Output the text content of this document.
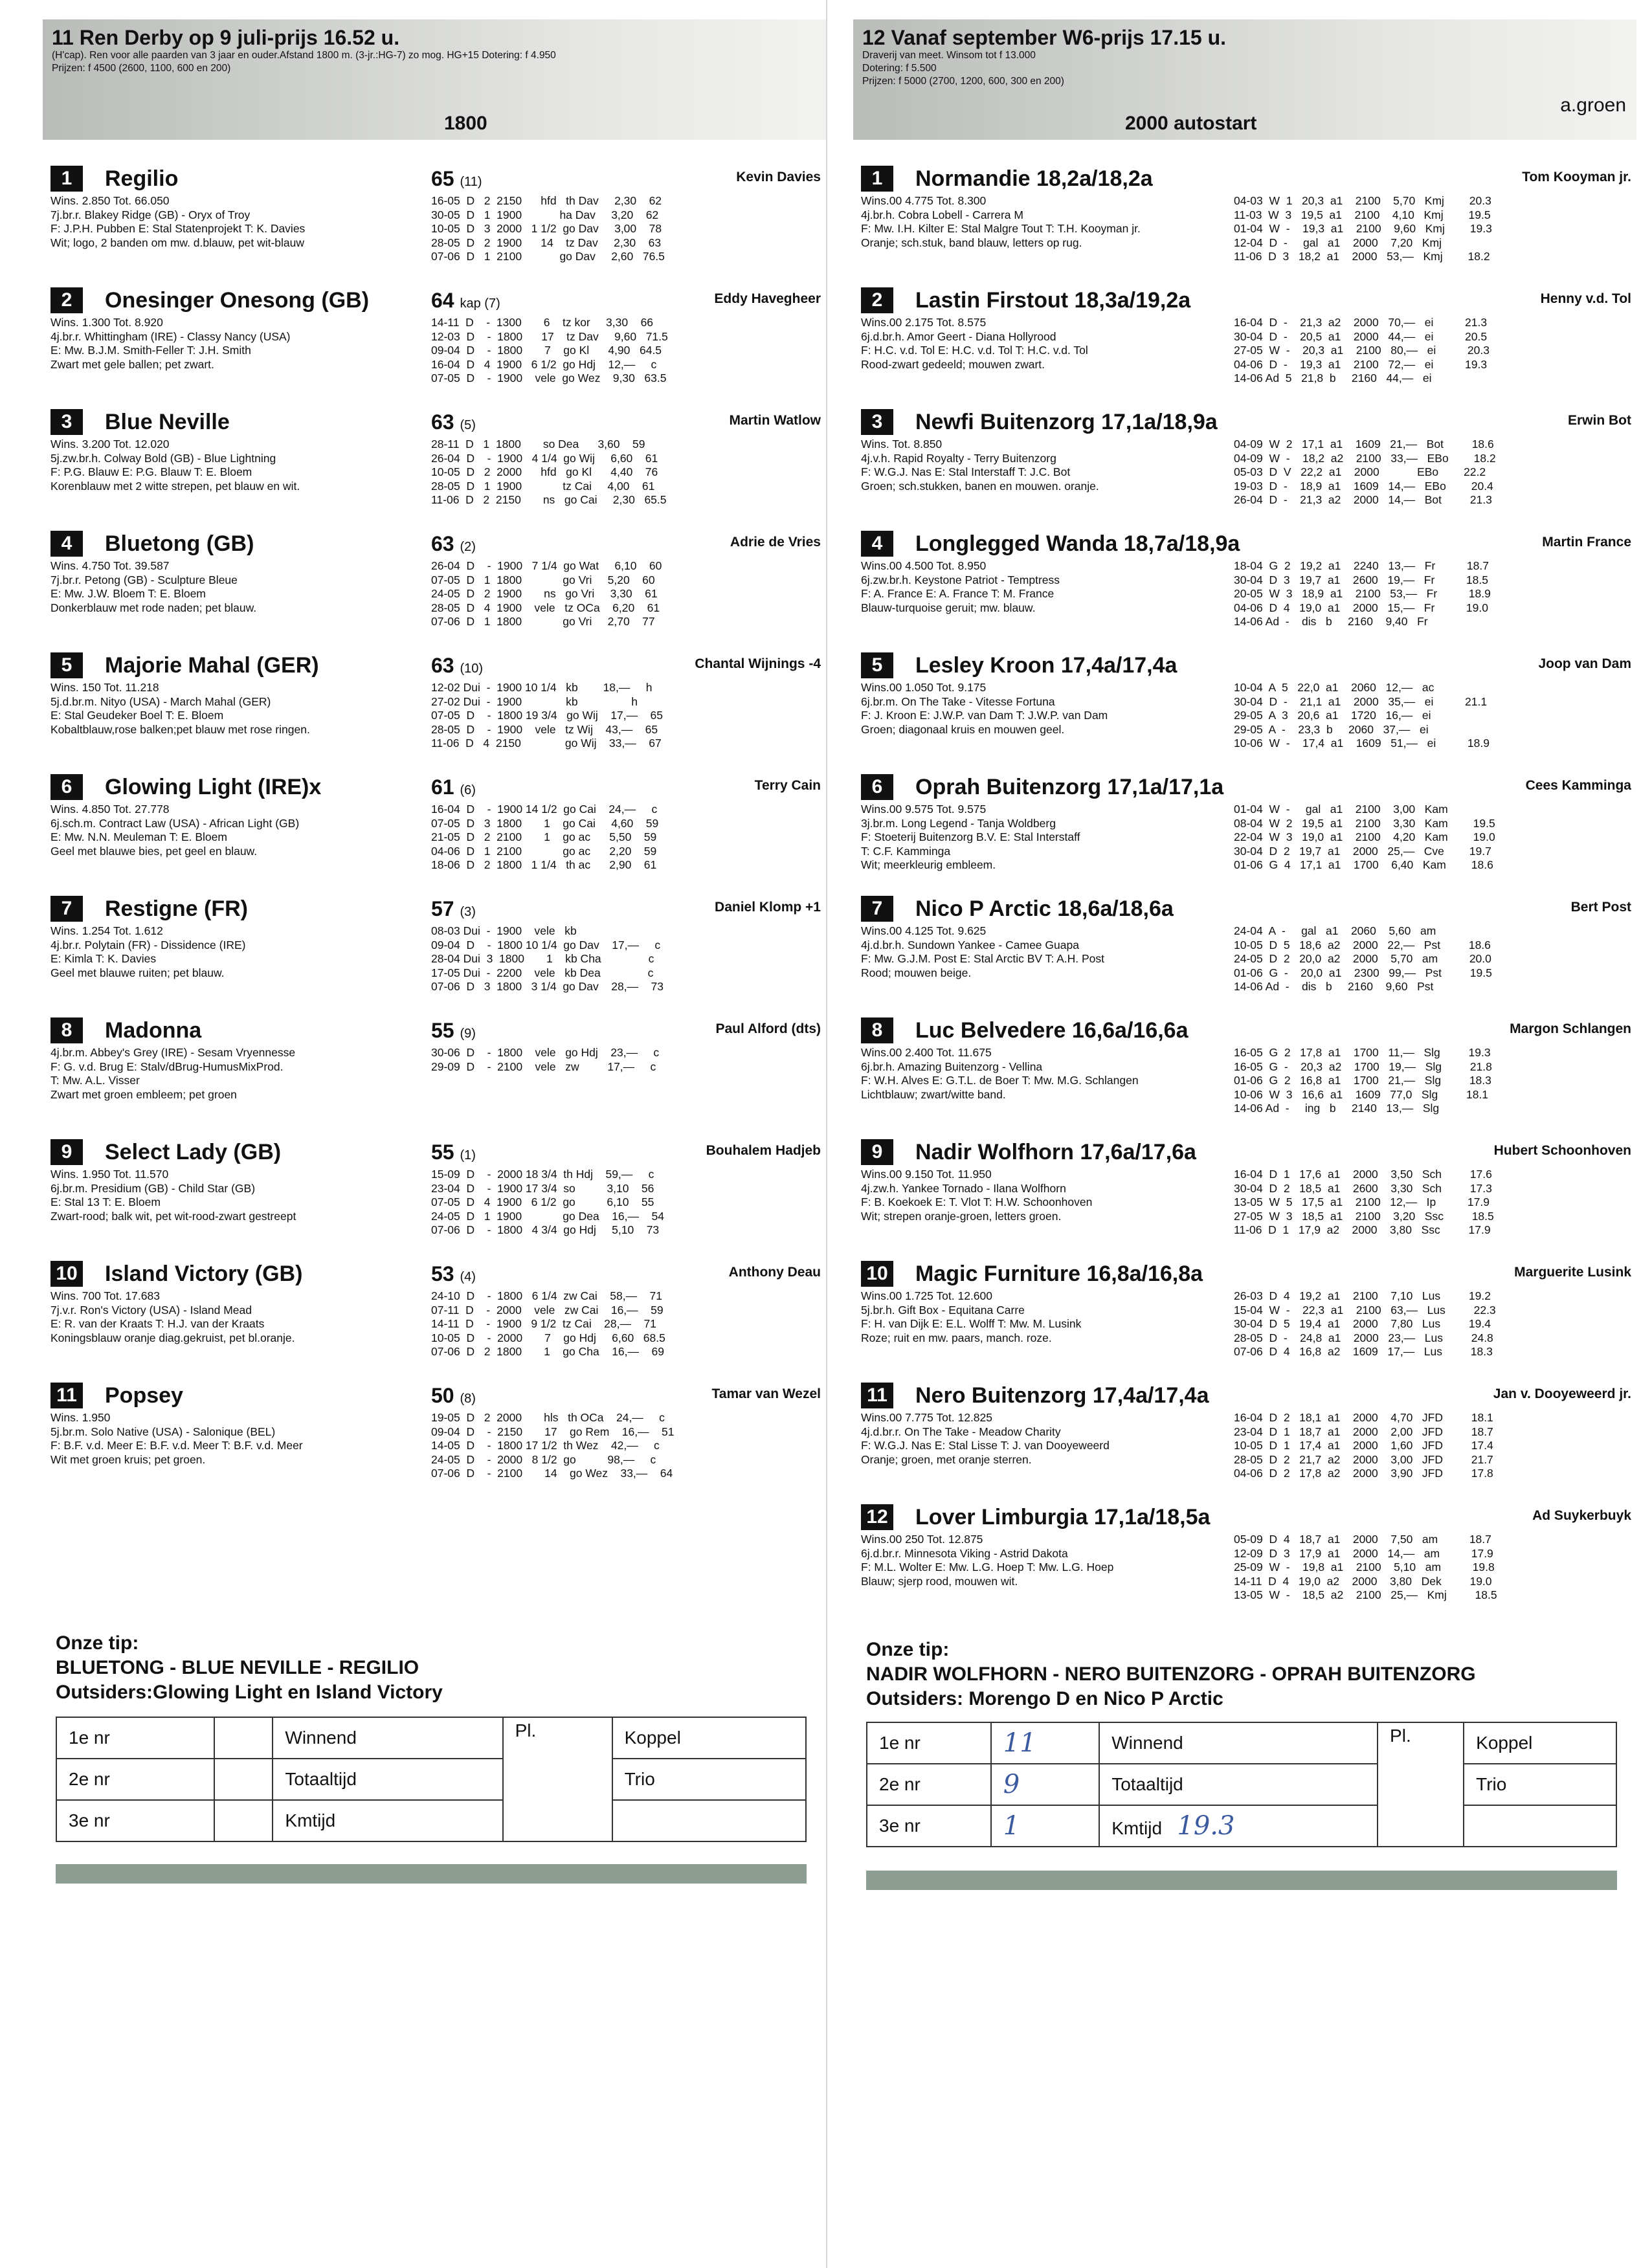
11 Ren Derby op 9 juli-prijs 16.52 u.
(H'cap). Ren voor alle paarden van 3 jaar en ouder.Afstand 1800 m. (3-jr.:HG-7) zo mog. HG+15 Dotering: f 4.950
Prijzen: f 4500 (2600, 1100, 600 en 200)
1800
1	Regilio	65 (11)	Kevin Davies
Wins. 2.850 Tot. 66.050
7j.br.r. Blakey Ridge (GB) - Oryx of Troy
F: J.P.H. Pubben E: Stal Statenprojekt T: K. Davies
Wit; logo, 2 banden om mw. d.blauw, pet wit-blauw
16-05  D   2  2150      hfd   th Dav     2,30    62
30-05  D   1  1900            ha Dav     3,20    62
10-05  D   3  2000   1 1/2  go Dav     3,00    78
28-05  D   2  1900      14    tz Dav     2,30    63
07-06  D   1  2100            go Dav     2,60   76.5
2	Onesinger Onesong (GB)	64 kap (7)	Eddy Havegheer
Wins. 1.300 Tot. 8.920
4j.br.r. Whittingham (IRE) - Classy Nancy (USA)
E: Mw. B.J.M. Smith-Feller T: J.H. Smith
Zwart met gele ballen; pet zwart.
14-11  D    -  1300       6    tz kor     3,30    66
12-03  D    -  1800      17    tz Dav     9,60   71.5
09-04  D    -  1800       7    go Kl      4,90   64.5
16-04  D   4  1900   6 1/2  go Hdj    12,—     c
07-05  D    -  1900    vele  go Wez    9,30   63.5
3	Blue Neville	63 (5)	Martin Watlow
Wins. 3.200 Tot. 12.020
5j.zw.br.h. Colway Bold (GB) - Blue Lightning
F: P.G. Blauw E: P.G. Blauw T: E. Bloem
Korenblauw met 2 witte strepen, pet blauw en wit.
28-11  D   1  1800       so Dea      3,60    59
26-04  D    -  1900   4 1/4  go Wij     6,60    61
10-05  D   2  2000      hfd   go Kl      4,40    76
28-05  D   1  1900             tz Cai     4,00    61
11-06  D   2  2150       ns   go Cai     2,30   65.5
4	Bluetong (GB)	63 (2)	Adrie de Vries
Wins. 4.750 Tot. 39.587
7j.br.r. Petong (GB) - Sculpture Bleue
E: Mw. J.W. Bloem T: E. Bloem
Donkerblauw met rode naden; pet blauw.
26-04  D    -  1900   7 1/4  go Wat     6,10    60
07-05  D   1  1800             go Vri     5,20    60
24-05  D   2  1900       ns   go Vri     3,30    61
28-05  D   4  1900    vele   tz OCa    6,20    61
07-06  D   1  1800             go Vri     2,70    77
5	Majorie Mahal (GER)	63 (10)	Chantal Wijnings -4
Wins. 150 Tot. 11.218
5j.d.br.m. Nityo (USA) - March Mahal (GER)
E: Stal Geudeker Boel T: E. Bloem
Kobaltblauw,rose balken;pet blauw met rose ringen.
12-02 Dui  -  1900 10 1/4   kb        18,—     h
27-02 Dui  -  1900              kb                 h
07-05  D    -  1800 19 3/4   go Wij    17,—    65
28-05  D    -  1900    vele   tz Wij    43,—    65
11-06  D   4  2150              go Wij    33,—    67
6	Glowing Light (IRE)x	61 (6)	Terry Cain
Wins. 4.850 Tot. 27.778
6j.sch.m. Contract Law (USA) - African Light (GB)
E: Mw. N.N. Meuleman T: E. Bloem
Geel met blauwe bies, pet geel en blauw.
16-04  D    -  1900 14 1/2  go Cai    24,—     c
07-05  D   3  1800       1    go Cai     4,60    59
21-05  D   2  2100       1    go ac      5,50    59
04-06  D   1  2100             go ac      2,20    59
18-06  D   2  1800   1 1/4   th ac      2,90    61
7	Restigne (FR)	57 (3)	Daniel Klomp +1
Wins. 1.254 Tot. 1.612
4j.br.r. Polytain (FR) - Dissidence (IRE)
E: Kimla T: K. Davies
Geel met blauwe ruiten; pet blauw.
08-03 Dui  -  1900    vele   kb
09-04  D    -  1800 10 1/4  go Dav    17,—     c
28-04 Dui  3  1800       1    kb Cha               c
17-05 Dui  -  2200    vele   kb Dea               c
07-06  D   3  1800   3 1/4  go Dav    28,—    73
8	Madonna	55 (9)	Paul Alford (dts)
4j.br.m. Abbey's Grey (IRE) - Sesam Vryennesse
F: G. v.d. Brug E: Stalv/dBrug-HumusMixProd.
T: Mw. A.L. Visser
Zwart met groen embleem; pet groen
30-06  D    -  1800    vele   go Hdj    23,—     c
29-09  D    -  2100    vele   zw         17,—     c
9	Select Lady (GB)	55 (1)	Bouhalem Hadjeb
Wins. 1.950 Tot. 11.570
6j.br.m. Presidium (GB) - Child Star (GB)
E: Stal 13 T: E. Bloem
Zwart-rood; balk wit, pet wit-rood-zwart gestreept
15-09  D    -  2000 18 3/4  th Hdj    59,—     c
23-04  D    -  1900 17 3/4  so          3,10    56
07-05  D   4  1900   6 1/2  go          6,10    55
24-05  D   1  1900             go Dea    16,—    54
07-06  D    -  1800   4 3/4  go Hdj     5,10    73
10 Island Victory (GB)	53 (4)	Anthony Deau
Wins. 700 Tot. 17.683
7j.v.r. Ron's Victory (USA) - Island Mead
E: R. van der Kraats T: H.J. van der Kraats
Koningsblauw oranje diag.gekruist, pet bl.oranje.
24-10  D    -  1800   6 1/4  zw Cai    58,—    71
07-11  D    -  2000    vele   zw Cai    16,—    59
14-11  D    -  1900   9 1/2  tz Cai    28,—    71
10-05  D    -  2000       7    go Hdj     6,60   68.5
07-06  D   2  1800       1    go Cha    16,—    69
11 Popsey	50 (8)	Tamar van Wezel
Wins. 1.950
5j.br.m. Solo Native (USA) - Salonique (BEL)
F: B.F. v.d. Meer E: B.F. v.d. Meer T: B.F. v.d. Meer
Wit met groen kruis; pet groen.
19-05  D   2  2000       hls   th OCa    24,—     c
09-04  D    -  2150       17    go Rem    16,—    51
14-05  D    -  1800 17 1/2  th Wez    42,—     c
24-05  D    -  2000   8 1/2  go          98,—     c
07-06  D    -  2100       14    go Wez    33,—    64
Onze tip:
BLUETONG - BLUE NEVILLE - REGILIO
Outsiders:Glowing Light en Island Victory
1e nr		Winnend	Pl.	Koppel
2e nr		Totaaltijd		Trio
3e nr		Kmtijd		
12 Vanaf september W6-prijs 17.15 u.
Draverij van meet. Winsom tot f 13.000
Dotering: f 5.500
Prijzen: f 5000 (2700, 1200, 600, 300 en 200)
2000 autostart
a.groen
1	Normandie 18,2a/18,2a	Tom Kooyman jr.
Wins.00 4.775 Tot. 8.300
4j.br.h. Cobra Lobell - Carrera M
F: Mw. I.H. Kilter E: Stal Malgre Tout T: T.H. Kooyman jr.
Oranje; sch.stuk, band blauw, letters op rug.
04-03  W  1   20,3  a1    2100    5,70   Kmj        20.3
11-03  W  3   19,5  a1    2100    4,10   Kmj        19.5
01-04  W  -    19,3  a1    2100    9,60   Kmj        19.3
12-04  D  -     gal   a1    2000    7,20   Kmj
11-06  D  3   18,2  a1    2000   53,—   Kmj        18.2
2	Lastin Firstout 18,3a/19,2a	Henny v.d. Tol
Wins.00 2.175 Tot. 8.575
6j.d.br.h. Amor Geert - Diana Hollyrood
F: H.C. v.d. Tol E: H.C. v.d. Tol T: H.C. v.d. Tol
Rood-zwart gedeeld; mouwen zwart.
16-04  D  -    21,3  a2    2000   70,—   ei          21.3
30-04  D  -    20,5  a1    2000   44,—   ei          20.5
27-05  W  -    20,3  a1    2100   80,—   ei          20.3
04-06  D  -    19,3  a1    2100   72,—   ei          19.3
14-06 Ad  5   21,8  b     2160   44,—   ei
3	Newfi Buitenzorg 17,1a/18,9a	Erwin Bot
Wins. Tot. 8.850
4j.v.h. Rapid Royalty - Terry Buitenzorg
F: W.G.J. Nas E: Stal Interstaff T: J.C. Bot
Groen; sch.stukken, banen en mouwen. oranje.
04-09  W  2   17,1  a1    1609   21,—   Bot         18.6
04-09  W  -    18,2  a2    2100   33,—   EBo        18.2
05-03  D  V   22,2  a1    2000            EBo        22.2
19-03  D  -    18,9  a1    1609   14,—   EBo        20.4
26-04  D  -    21,3  a2    2000   14,—   Bot         21.3
4	Longlegged Wanda 18,7a/18,9a	Martin France
Wins.00 4.500 Tot. 8.950
6j.zw.br.h. Keystone Patriot - Temptress
F: A. France E: A. France T: M. France
Blauw-turquoise geruit; mw. blauw.
18-04  G  2   19,2  a1    2240   13,—   Fr          18.7
30-04  D  3   19,7  a1    2600   19,—   Fr          18.5
20-05  W  3   18,9  a1    2100   53,—   Fr          18.9
04-06  D  4   19,0  a1    2000   15,—   Fr          19.0
14-06 Ad  -    dis   b     2160    9,40   Fr
5	Lesley Kroon 17,4a/17,4a	Joop van Dam
Wins.00 1.050 Tot. 9.175
6j.br.m. On The Take - Vitesse Fortuna
F: J. Kroon E: J.W.P. van Dam T: J.W.P. van Dam
Groen; diagonaal kruis en mouwen geel.
10-04  A  5   22,0  a1    2060   12,—   ac
30-04  D  -    21,1  a1    2000   35,—   ei          21.1
29-05  A  3   20,6  a1    1720   16,—   ei
29-05  A  -    23,3  b     2060   37,—   ei
10-06  W  -    17,4  a1    1609   51,—   ei          18.9
6	Oprah Buitenzorg 17,1a/17,1a	Cees Kamminga
Wins.00 9.575 Tot. 9.575
3j.br.m. Long Legend - Tanja Woldberg
F: Stoeterij Buitenzorg B.V. E: Stal Interstaff
T: C.F. Kamminga
Wit; meerkleurig embleem.
01-04  W  -     gal   a1    2100    3,00   Kam
08-04  W  2   19,5  a1    2100    3,30   Kam        19.5
22-04  W  3   19,0  a1    2100    4,20   Kam        19.0
30-04  D  2   19,7  a1    2000   25,—   Cve        19.7
01-06  G  4   17,1  a1    1700    6,40   Kam        18.6
7	Nico P Arctic 18,6a/18,6a	Bert Post
Wins.00 4.125 Tot. 9.625
4j.d.br.h. Sundown Yankee - Camee Guapa
F: Mw. G.J.M. Post E: Stal Arctic BV T: A.H. Post
Rood; mouwen beige.
24-04  A  -     gal   a1    2060    5,60   am
10-05  D  5   18,6  a2    2000   22,—   Pst         18.6
24-05  D  2   20,0  a2    2000    5,70   am          20.0
01-06  G  -    20,0  a1    2300   99,—   Pst         19.5
14-06 Ad  -    dis   b     2160    9,60   Pst
8	Luc Belvedere 16,6a/16,6a	Margon Schlangen
Wins.00 2.400 Tot. 11.675
6j.br.h. Amazing Buitenzorg - Vellina
F: W.H. Alves E: G.T.L. de Boer T: Mw. M.G. Schlangen
Lichtblauw; zwart/witte band.
16-05  G  2   17,8  a1    1700   11,—   Slg         19.3
16-05  G  -    20,3  a2    1700   19,—   Slg         21.8
01-06  G  2   16,8  a1    1700   21,—   Slg         18.3
10-06  W  3   16,6  a1    1609   77,0   Slg         18.1
14-06 Ad  -     ing   b     2140   13,—   Slg
9	Nadir Wolfhorn 17,6a/17,6a	Hubert Schoonhoven
Wins.00 9.150 Tot. 11.950
4j.zw.h. Yankee Tornado - Ilana Wolfhorn
F: B. Koekoek E: T. Vlot T: H.W. Schoonhoven
Wit; strepen oranje-groen, letters groen.
16-04  D  1   17,6  a1    2000    3,50   Sch         17.6
30-04  D  2   18,5  a1    2600    3,30   Sch         17.3
13-05  W  5   17,5  a1    2100   12,—   Ip          17.9
27-05  W  3   18,5  a1    2100    3,20   Ssc         18.5
11-06  D  1   17,9  a2    2000    3,80   Ssc         17.9
10 Magic Furniture 16,8a/16,8a	Marguerite Lusink
Wins.00 1.725 Tot. 12.600
5j.br.h. Gift Box - Equitana Carre
F: H. van Dijk E: E.L. Wolff T: Mw. M. Lusink
Roze; ruit en mw. paars, manch. roze.
26-03  D  4   19,2  a1    2100    7,10   Lus         19.2
15-04  W  -    22,3  a1    2100   63,—   Lus         22.3
30-04  D  5   19,4  a1    2000    7,80   Lus         19.4
28-05  D  -    24,8  a1    2000   23,—   Lus         24.8
07-06  D  4   16,8  a2    1609   17,—   Lus         18.3
11 Nero Buitenzorg 17,4a/17,4a	Jan v. Dooyeweerd jr.
Wins.00 7.775 Tot. 12.825
4j.d.br.r. On The Take - Meadow Charity
F: W.G.J. Nas E: Stal Lisse T: J. van Dooyeweerd
Oranje; groen, met oranje sterren.
16-04  D  2   18,1  a1    2000    4,70   JFD         18.1
23-04  D  1   18,7  a1    2000    2,00   JFD         18.7
10-05  D  1   17,4  a1    2000    1,60   JFD         17.4
28-05  D  2   21,7  a2    2000    3,00   JFD         21.7
04-06  D  2   17,8  a2    2000    3,90   JFD         17.8
12 Lover Limburgia 17,1a/18,5a	Ad Suykerbuyk
Wins.00 250 Tot. 12.875
6j.d.br.r. Minnesota Viking - Astrid Dakota
F: M.L. Wolter E: Mw. L.G. Hoep T: Mw. L.G. Hoep
Blauw; sjerp rood, mouwen wit.
05-09  D  4   18,7  a1    2000    7,50   am          18.7
12-09  D  3   17,9  a1    2000   14,—   am          17.9
25-09  W  -    19,8  a1    2100    5,10   am          19.8
14-11  D  4   19,0  a2    2000    3,80   Dek         19.0
13-05  W  -    18,5  a2    2100   25,—   Kmj         18.5
Onze tip:
NADIR WOLFHORN - NERO BUITENZORG - OPRAH BUITENZORG
Outsiders: Morengo D en Nico P Arctic
1e nr	11	Winnend	Pl.	Koppel
2e nr	9	Totaaltijd		Trio
3e nr	1	Kmtijd 19.3		
